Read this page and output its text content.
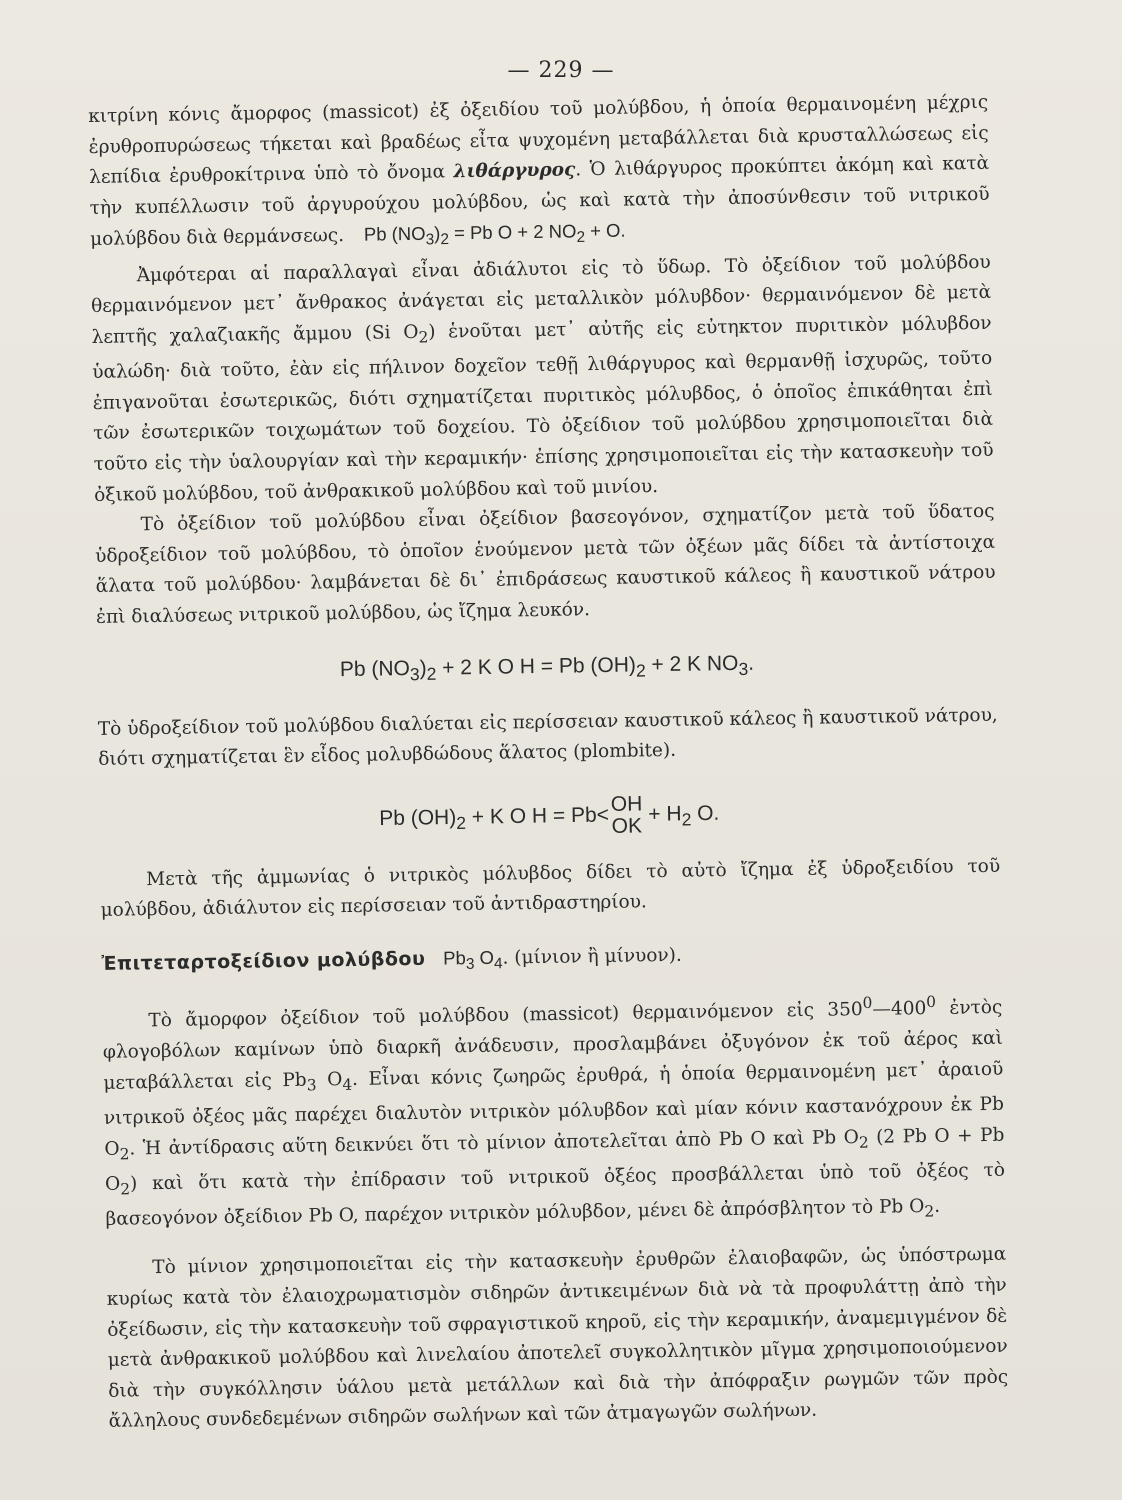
— 229 —

κιτρίνη κόνις ἄμορφος (massicot) ἐξ ὀξειδίου τοῦ μολύβδου, ἡ ὁποία θερμαινομένη μέχρις ἐρυθροπυρώσεως τήκεται καὶ βραδέως εἶτα ψυχομένη μεταβάλλεται διὰ κρυσταλλώσεως εἰς λεπίδια ἐρυθροκίτρινα ὑπὸ τὸ ὄνομα λιθάργυρος. Ὁ λιθάργυρος προκύπτει ἀκόμη καὶ κατὰ τὴν κυπέλλωσιν τοῦ ἀργυρούχου μολύβδου, ὡς καὶ κατὰ τὴν ἀποσύνθεσιν τοῦ νιτρικοῦ μολύβδου διὰ θερμάνσεως. Pb $(NO_3)_2 = Pb$ O + 2 $NO_2 + O$.

Ἀμφότεραι αἱ παραλλαγαὶ εἶναι ἀδιάλυτοι εἰς τὸ ὕδωρ. Τὸ ὀξείδιον τοῦ μολύβδου θερμαινόμενον μετ᾽ ἄνθρακος ἀνάγεται εἰς μεταλλικὸν μόλυβδον· θερμαινόμενον δὲ μετὰ λεπτῆς χαλαζιακῆς ἄμμου (Si $O_2$) ἑνοῦται μετ᾽ αὐτῆς εἰς εὐτηκτον πυριτικὸν μόλυβδον ὑαλώδη· διὰ τοῦτο, ἐὰν εἰς πήλινον δοχεῖον τεθῇ λιθάργυρος καὶ θερμανθῇ ἰσχυρῶς, τοῦτο ἐπιγανοῦται ἐσωτερικῶς, διότι σχηματίζεται πυριτικὸς μόλυβδος, ὁ ὁποῖος ἐπικάθηται ἐπὶ τῶν ἐσωτερικῶν τοιχωμάτων τοῦ δοχείου. Τὸ ὀξείδιον τοῦ μολύβδου χρησιμοποιεῖται διὰ τοῦτο εἰς τὴν ὑαλουργίαν καὶ τὴν κεραμικήν· ἐπίσης χρησιμοποιεῖται εἰς τὴν κατασκευὴν τοῦ ὀξικοῦ μολύβδου, τοῦ ἀνθρακικοῦ μολύβδου καὶ τοῦ μινίου.

Τὸ ὀξείδιον τοῦ μολύβδου εἶναι ὀξείδιον βασεογόνον, σχηματίζον μετὰ τοῦ ὕδατος ὑδροξείδιον τοῦ μολύβδου, τὸ ὁποῖον ἑνούμενον μετὰ τῶν ὀξέων μᾶς δίδει τὰ ἀντίστοιχα ἅλατα τοῦ μολύβδου· λαμβάνεται δὲ δι᾽ ἐπιδράσεως καυστικοῦ κάλεος ἢ καυστικοῦ νάτρου ἐπὶ διαλύσεως νιτρικοῦ μολύβδου, ὡς ἴζημα λευκόν.

Pb $(NO_3)_2 + 2$ K O H = Pb $(OH)_2 + 2$ K $NO_3$.

Τὸ ὑδροξείδιον τοῦ μολύβδου διαλύεται εἰς περίσσειαν καυστικοῦ κάλεος ἢ καυστικοῦ νάτρου, διότι σχηματίζεται ἓν εἶδος μολυβδώδους ἅλατος (plombite).

Pb $(OH)_2 + K$ O H = Pb< OH
OK
+ $H_2$ O.

Μετὰ τῆς ἀμμωνίας ὁ νιτρικὸς μόλυβδος δίδει τὸ αὐτὸ ἴζημα ἐξ ὑδροξειδίου τοῦ μολύβδου, ἀδιάλυτον εἰς περίσσειαν τοῦ ἀντιδραστηρίου.

Ἐπιτεταρτοξείδιον μολύβδου $Pb_3$ $O_4$. (μίνιον ἢ μίνυον).

Τὸ ἄμορφον ὀξείδιον τοῦ μολύβδου (massicot) θερμαινόμενον εἰς $350^0—400^0$ ἐντὸς φλογοβόλων καμίνων ὑπὸ διαρκῆ ἀνάδευσιν, προσλαμβάνει ὀξυγόνον ἐκ τοῦ ἀέρος καὶ μεταβάλλεται εἰς $Pb_3$ $O_4$. Εἶναι κόνις ζωηρῶς ἐρυθρά, ἡ ὁποία θερμαινομένη μετ᾽ ἀραιοῦ νιτρικοῦ ὀξέος μᾶς παρέχει διαλυτὸν νιτρικὸν μόλυβδον καὶ μίαν κόνιν καστανόχρουν ἐκ Pb $O_2$. Ἡ ἀντίδρασις αὕτη δεικνύει ὅτι τὸ μίνιον ἀποτελεῖται ἀπὸ Pb O καὶ Pb $O_2$ (2 Pb O + Pb $O_2$) καὶ ὅτι κατὰ τὴν ἐπίδρασιν τοῦ νιτρικοῦ ὀξέος προσβάλλεται ὑπὸ τοῦ ὀξέος τὸ βασεογόνον ὀξείδιον Pb O, παρέχον νιτρικὸν μόλυβδον, μένει δὲ ἀπρόσβλητον τὸ Pb $O_2$.

Τὸ μίνιον χρησιμοποιεῖται εἰς τὴν κατασκευὴν ἐρυθρῶν ἐλαιοβαφῶν, ὡς ὑπόστρωμα κυρίως κατὰ τὸν ἐλαιοχρωματισμὸν σιδηρῶν ἀντικειμένων διὰ νὰ τὰ προφυλάττῃ ἀπὸ τὴν ὀξείδωσιν, εἰς τὴν κατασκευὴν τοῦ σφραγιστικοῦ κηροῦ, εἰς τὴν κεραμικήν, ἀναμεμιγμένον δὲ μετὰ ἀνθρακικοῦ μολύβδου καὶ λινελαίου ἀποτελεῖ συγκολλητικὸν μῖγμα χρησιμοποιούμενον διὰ τὴν συγκόλλησιν ὑάλου μετὰ μετάλλων καὶ διὰ τὴν ἀπόφραξιν ρωγμῶν τῶν πρὸς ἄλληλους συνδεδεμένων σιδηρῶν σωλήνων καὶ τῶν ἀτμαγωγῶν σωλήνων.
